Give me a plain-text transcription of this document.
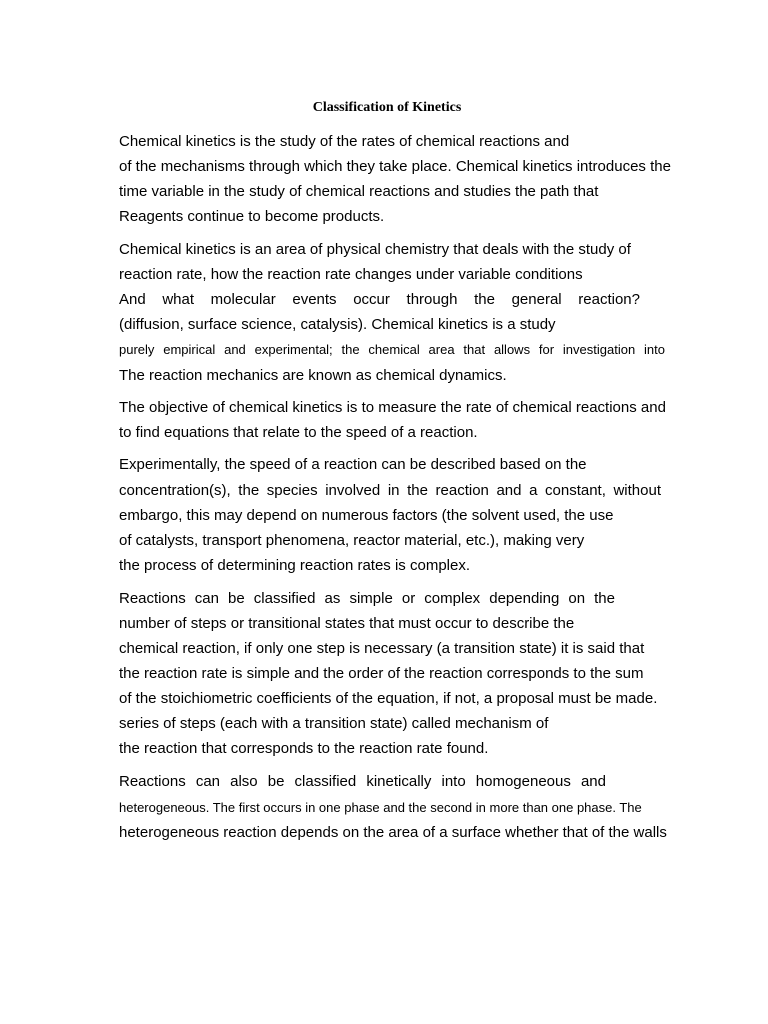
Classification of Kinetics

Chemical kinetics is the study of the rates of chemical reactions and

of the mechanisms through which they take place. Chemical kinetics introduces the

time variable in the study of chemical reactions and studies the path that

Reagents continue to become products.

Chemical kinetics is an area of physical chemistry that deals with the study of

reaction rate, how the reaction rate changes under variable conditions

And what molecular events occur through the general reaction?

(diffusion, surface science, catalysis). Chemical kinetics is a study

purely empirical and experimental; the chemical area that allows for investigation into

The reaction mechanics are known as chemical dynamics.

The objective of chemical kinetics is to measure the rate of chemical reactions and

to find equations that relate to the speed of a reaction.

Experimentally, the speed of a reaction can be described based on the

concentration(s), the species involved in the reaction and a constant, without

embargo, this may depend on numerous factors (the solvent used, the use

of catalysts, transport phenomena, reactor material, etc.), making very

the process of determining reaction rates is complex.

Reactions can be classified as simple or complex depending on the

number of steps or transitional states that must occur to describe the

chemical reaction, if only one step is necessary (a transition state) it is said that

the reaction rate is simple and the order of the reaction corresponds to the sum

of the stoichiometric coefficients of the equation, if not, a proposal must be made.

series of steps (each with a transition state) called mechanism of

the reaction that corresponds to the reaction rate found.

Reactions can also be classified kinetically into homogeneous and

heterogeneous. The first occurs in one phase and the second in more than one phase. The

heterogeneous reaction depends on the area of a surface whether that of the walls
